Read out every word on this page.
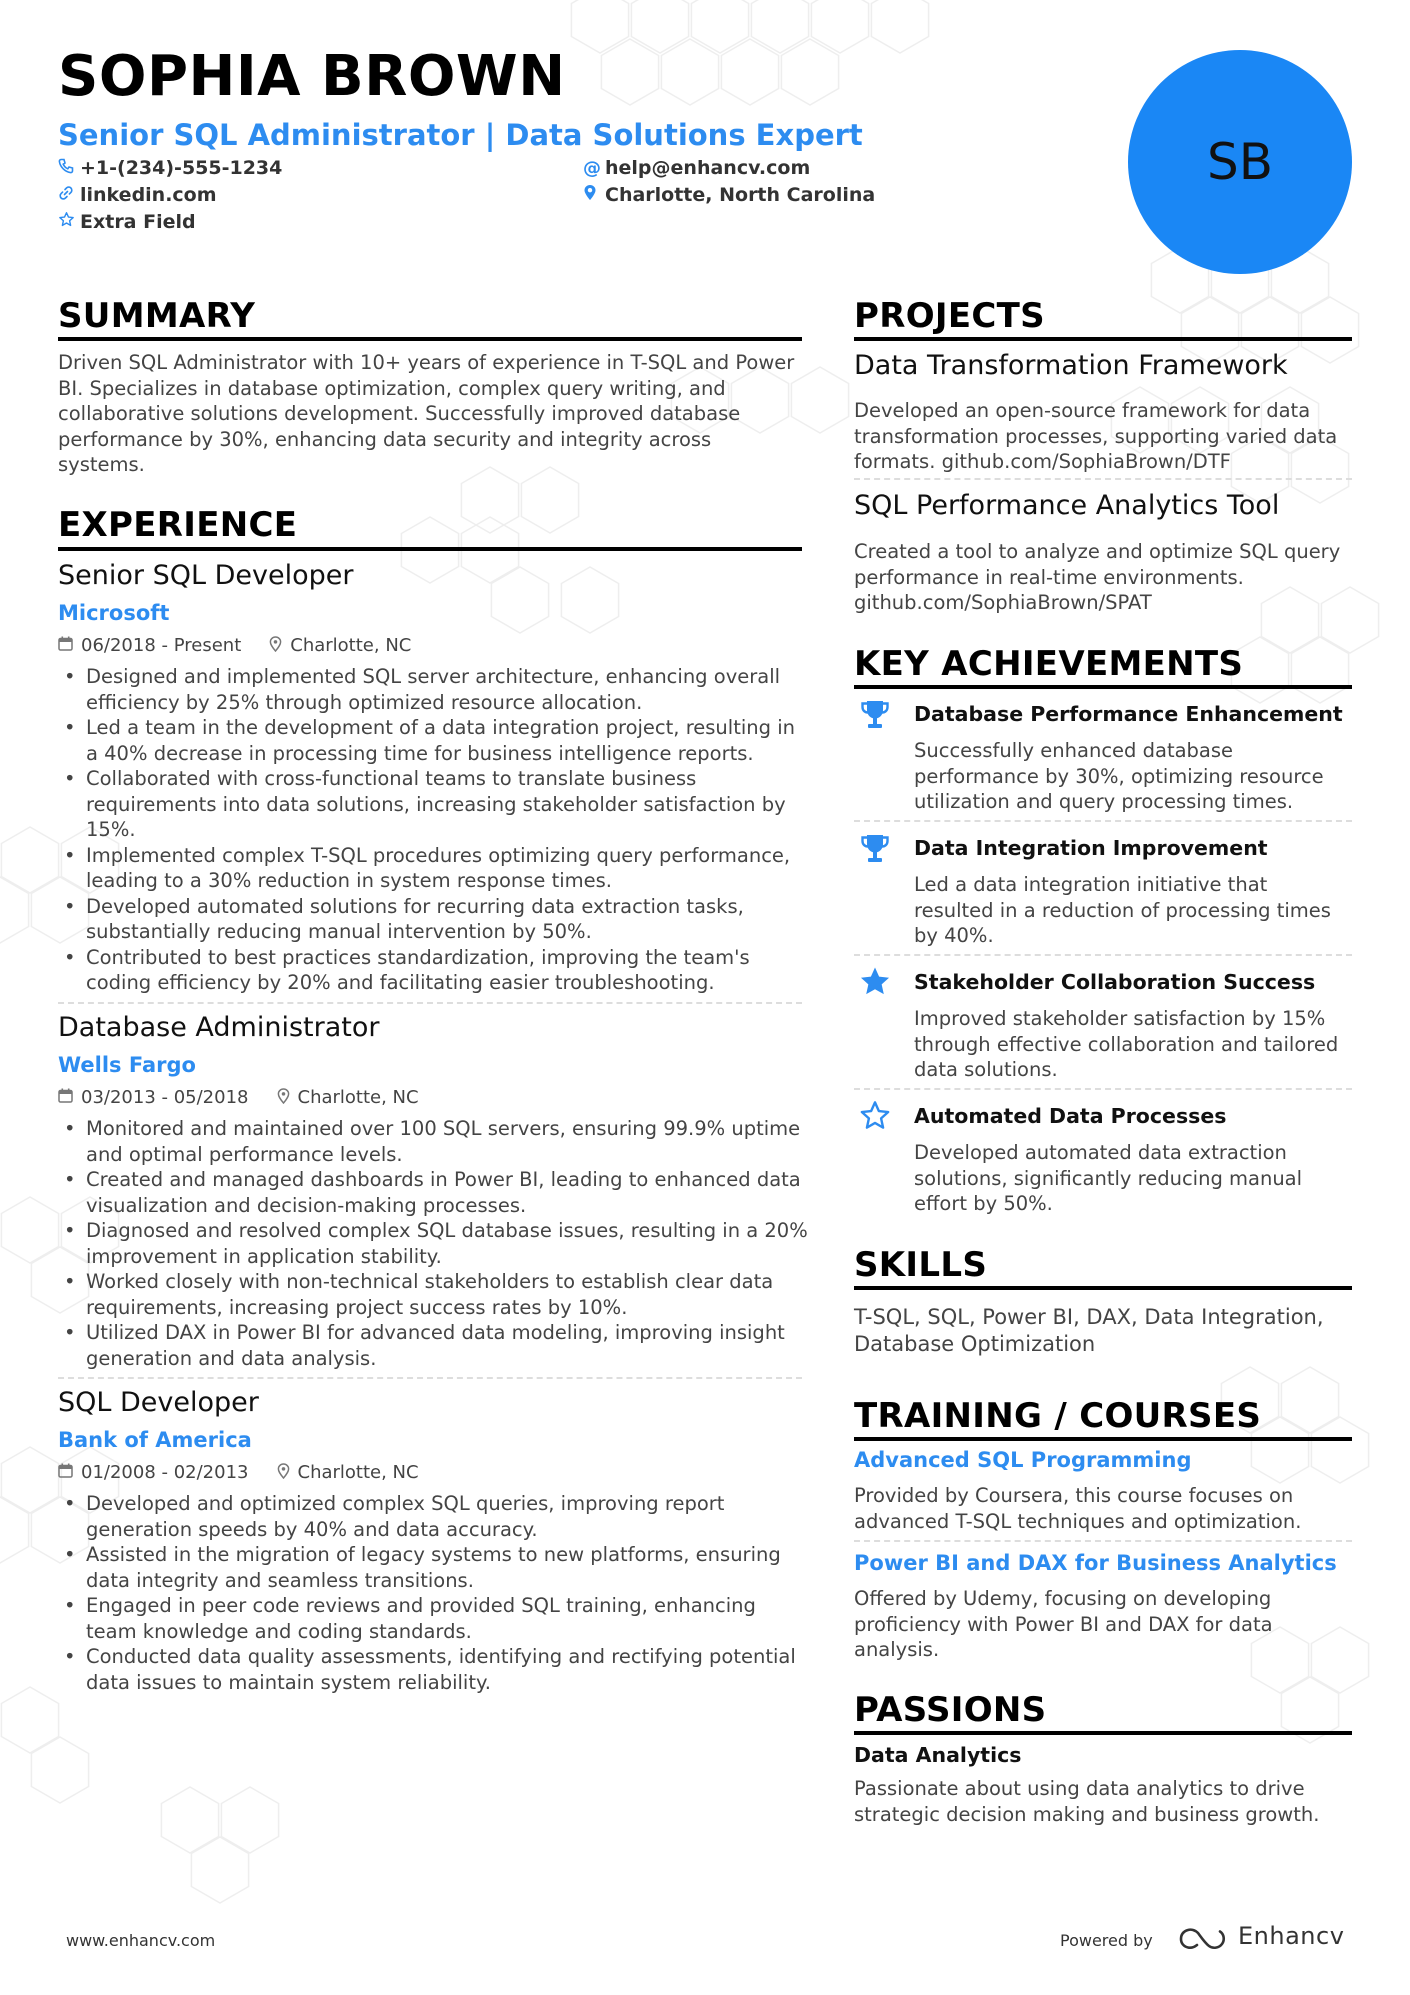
SOPHIA BROWN
Senior SQL Administrator | Data Solutions Expert
+1-(234)-555-1234	@ help@enhancv.com
linkedin.com	Charlotte, North Carolina
Extra Field
SB
SUMMARY
Driven SQL Administrator with 10+ years of experience in T-SQL and Power BI. Specializes in database optimization, complex query writing, and collaborative solutions development. Successfully improved database performance by 30%, enhancing data security and integrity across systems.
EXPERIENCE
Senior SQL Developer
Microsoft
06/2018 - Present	Charlotte, NC
• Designed and implemented SQL server architecture, enhancing overall efficiency by 25% through optimized resource allocation.
• Led a team in the development of a data integration project, resulting in a 40% decrease in processing time for business intelligence reports.
• Collaborated with cross-functional teams to translate business requirements into data solutions, increasing stakeholder satisfaction by 15%.
• Implemented complex T-SQL procedures optimizing query performance, leading to a 30% reduction in system response times.
• Developed automated solutions for recurring data extraction tasks, substantially reducing manual intervention by 50%.
• Contributed to best practices standardization, improving the team's coding efficiency by 20% and facilitating easier troubleshooting.
Database Administrator
Wells Fargo
03/2013 - 05/2018	Charlotte, NC
• Monitored and maintained over 100 SQL servers, ensuring 99.9% uptime and optimal performance levels.
• Created and managed dashboards in Power BI, leading to enhanced data visualization and decision-making processes.
• Diagnosed and resolved complex SQL database issues, resulting in a 20% improvement in application stability.
• Worked closely with non-technical stakeholders to establish clear data requirements, increasing project success rates by 10%.
• Utilized DAX in Power BI for advanced data modeling, improving insight generation and data analysis.
SQL Developer
Bank of America
01/2008 - 02/2013	Charlotte, NC
• Developed and optimized complex SQL queries, improving report generation speeds by 40% and data accuracy.
• Assisted in the migration of legacy systems to new platforms, ensuring data integrity and seamless transitions.
• Engaged in peer code reviews and provided SQL training, enhancing team knowledge and coding standards.
• Conducted data quality assessments, identifying and rectifying potential data issues to maintain system reliability.
PROJECTS
Data Transformation Framework
Developed an open-source framework for data transformation processes, supporting varied data formats. github.com/SophiaBrown/DTF
SQL Performance Analytics Tool
Created a tool to analyze and optimize SQL query performance in real-time environments. github.com/SophiaBrown/SPAT
KEY ACHIEVEMENTS
Database Performance Enhancement
Successfully enhanced database performance by 30%, optimizing resource utilization and query processing times.
Data Integration Improvement
Led a data integration initiative that resulted in a reduction of processing times by 40%.
Stakeholder Collaboration Success
Improved stakeholder satisfaction by 15% through effective collaboration and tailored data solutions.
Automated Data Processes
Developed automated data extraction solutions, significantly reducing manual effort by 50%.
SKILLS
T-SQL, SQL, Power BI, DAX, Data Integration, Database Optimization
TRAINING / COURSES
Advanced SQL Programming
Provided by Coursera, this course focuses on advanced T-SQL techniques and optimization.
Power BI and DAX for Business Analytics
Offered by Udemy, focusing on developing proficiency with Power BI and DAX for data analysis.
PASSIONS
Data Analytics
Passionate about using data analytics to drive strategic decision making and business growth.
www.enhancv.com	Powered by	Enhancv
